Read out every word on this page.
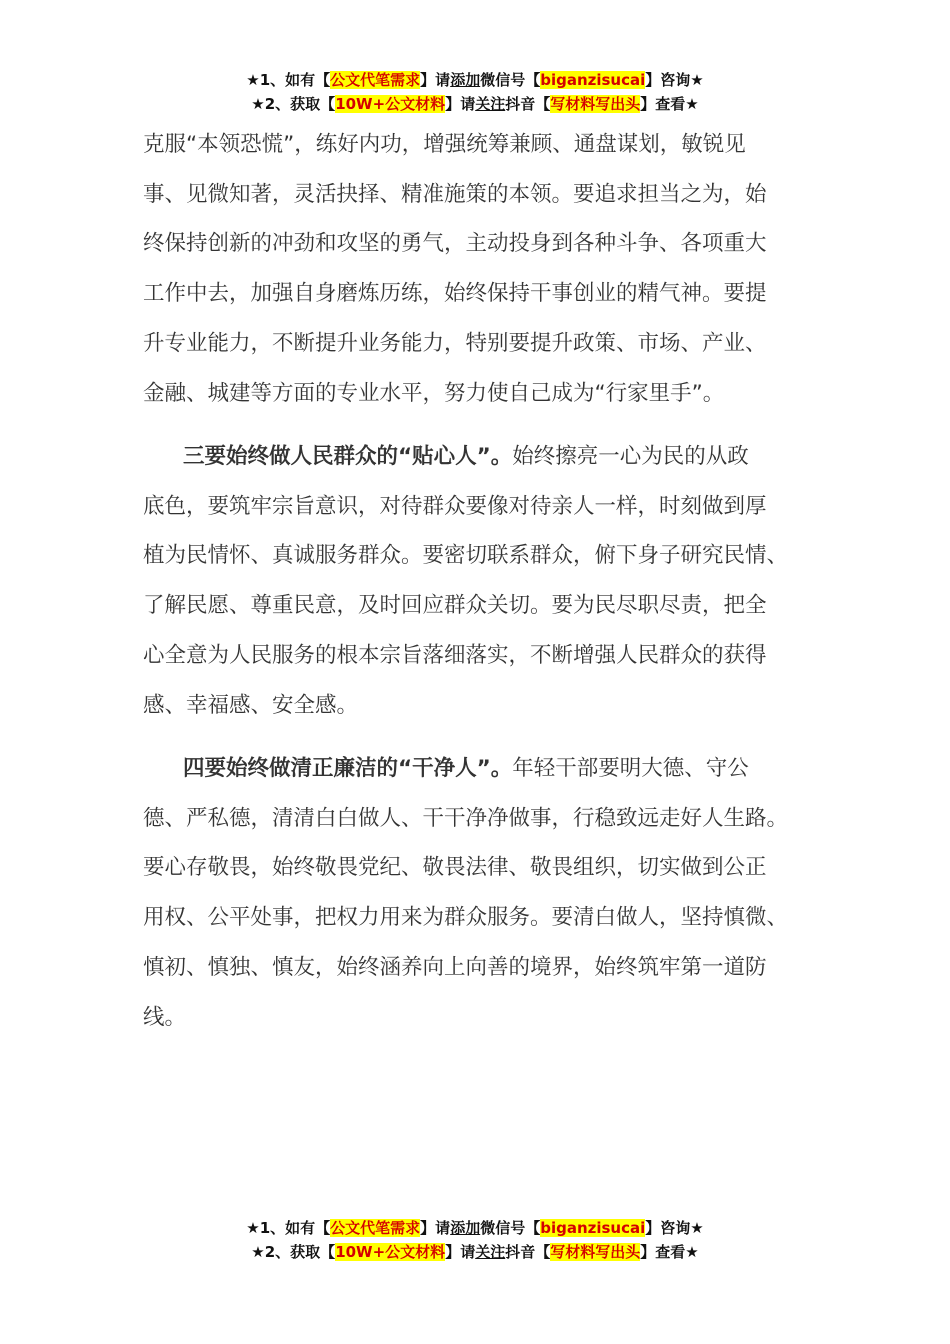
★1、如有【公文代笔需求】请添加微信号【biganzisucai】咨询★
★2、获取【10W+公文材料】请关注抖音【写材料写出头】查看★
克服“本领恐慌”，练好内功，增强统筹兼顾、通盘谋划，敏锐见
事、见微知著，灵活抉择、精准施策的本领。要追求担当之为，始
终保持创新的冲劲和攻坚的勇气，主动投身到各种斗争、各项重大
工作中去，加强自身磨炼历练，始终保持干事创业的精气神。要提
升专业能力，不断提升业务能力，特别要提升政策、市场、产业、
金融、城建等方面的专业水平，努力使自己成为“行家里手”。
三要始终做人民群众的“贴心人”。始终擦亮一心为民的从政
底色，要筑牢宗旨意识，对待群众要像对待亲人一样，时刻做到厚
植为民情怀、真诚服务群众。要密切联系群众，俯下身子研究民情、
了解民愿、尊重民意，及时回应群众关切。要为民尽职尽责，把全
心全意为人民服务的根本宗旨落细落实，不断增强人民群众的获得
感、幸福感、安全感。
四要始终做清正廉洁的“干净人”。年轻干部要明大德、守公
德、严私德，清清白白做人、干干净净做事，行稳致远走好人生路。
要心存敬畏，始终敬畏党纪、敬畏法律、敬畏组织，切实做到公正
用权、公平处事，把权力用来为群众服务。要清白做人，坚持慎微、
慎初、慎独、慎友，始终涵养向上向善的境界，始终筑牢第一道防
线。
★1、如有【公文代笔需求】请添加微信号【biganzisucai】咨询★
★2、获取【10W+公文材料】请关注抖音【写材料写出头】查看★
